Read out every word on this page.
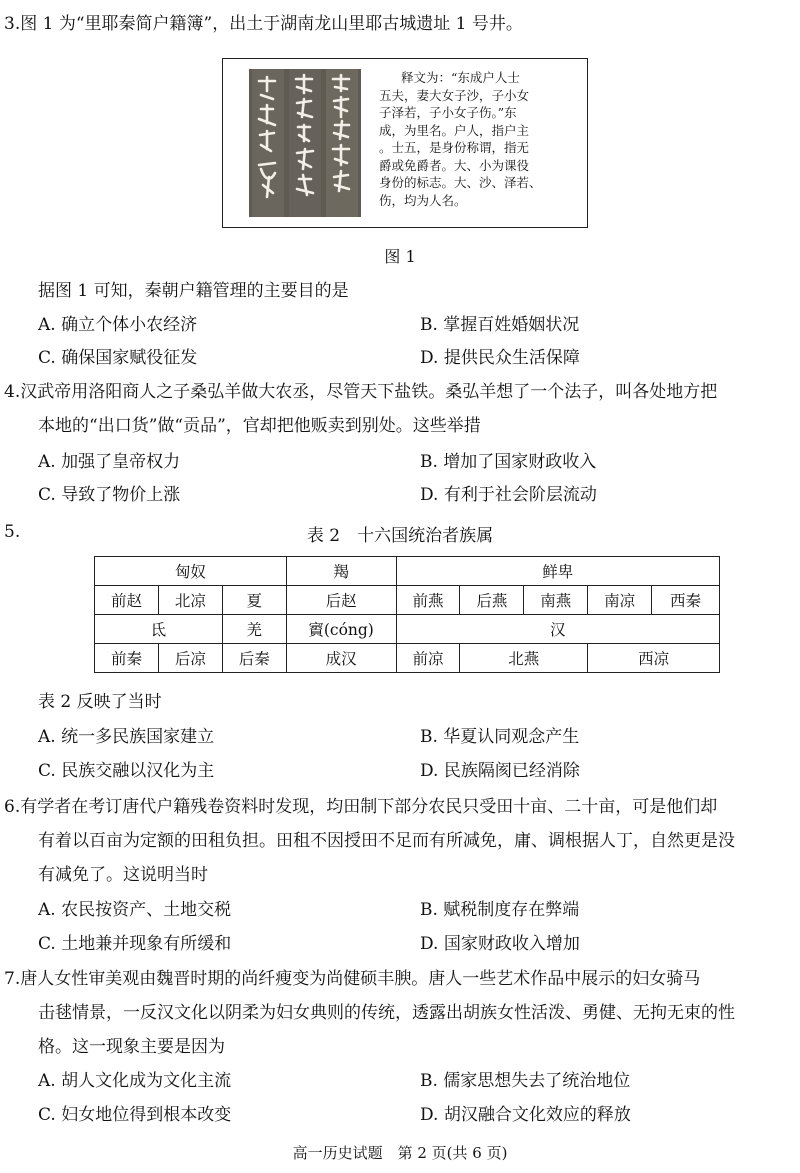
3.图 1 为“里耶秦简户籍簿”，出土于湖南龙山里耶古城遗址 1 号井。
释文为：“东成户人士
五夫，妻大女子沙，子小女
子泽若，子小女子伤。”东
成，为里名。户人，指户主
。士五，是身份称谓，指无
爵或免爵者。大、小为课役
身份的标志。大、沙、泽若、
伤，均为人名。
图 1
据图 1 可知，秦朝户籍管理的主要目的是
A. 确立个体小农经济	B. 掌握百姓婚姻状况
C. 确保国家赋役征发	D. 提供民众生活保障
4.汉武帝用洛阳商人之子桑弘羊做大农丞，尽管天下盐铁。桑弘羊想了一个法子，叫各处地方把
本地的“出口货”做“贡品”，官却把他贩卖到别处。这些举措
A. 加强了皇帝权力	B. 增加了国家财政收入
C. 导致了物价上涨	D. 有利于社会阶层流动
5.	表 2　十六国统治者族属
匈奴			羯	鲜卑				
前赵	北凉	夏	后赵	前燕	后燕	南燕	南凉	西秦
氐		羌	賨(cóng)	汉				
前秦	后凉	后秦	成汉	前凉	北燕		西凉	
表 2 反映了当时
A. 统一多民族国家建立	B. 华夏认同观念产生
C. 民族交融以汉化为主	D. 民族隔阂已经消除
6.有学者在考订唐代户籍残卷资料时发现，均田制下部分农民只受田十亩、二十亩，可是他们却
有着以百亩为定额的田租负担。田租不因授田不足而有所减免，庸、调根据人丁，自然更是没
有减免了。这说明当时
A. 农民按资产、土地交税	B. 赋税制度存在弊端
C. 土地兼并现象有所缓和	D. 国家财政收入增加
7.唐人女性审美观由魏晋时期的尚纤瘦变为尚健硕丰腴。唐人一些艺术作品中展示的妇女骑马
击毬情景，一反汉文化以阴柔为妇女典则的传统，透露出胡族女性活泼、勇健、无拘无束的性
格。这一现象主要是因为
A. 胡人文化成为文化主流	B. 儒家思想失去了统治地位
C. 妇女地位得到根本改变	D. 胡汉融合文化效应的释放
高一历史试题　第 2 页(共 6 页)
